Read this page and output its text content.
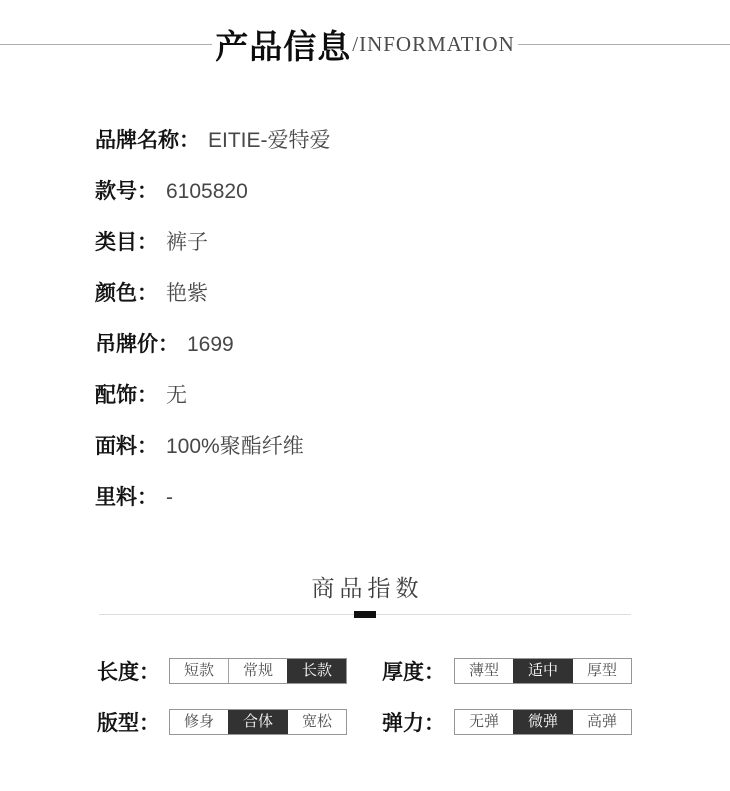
产品信息 /INFORMATION
品牌名称： EITIE-爱特爱
款号： 6105820
类目： 裤子
颜色： 艳紫
吊牌价： 1699
配饰： 无
面料： 100%聚酯纤维
里料： -
商品指数
长度：	短款	常规	长款	厚度：	薄型	适中	厚型
版型：	修身	合体	宽松	弹力：	无弹	微弹	高弹
